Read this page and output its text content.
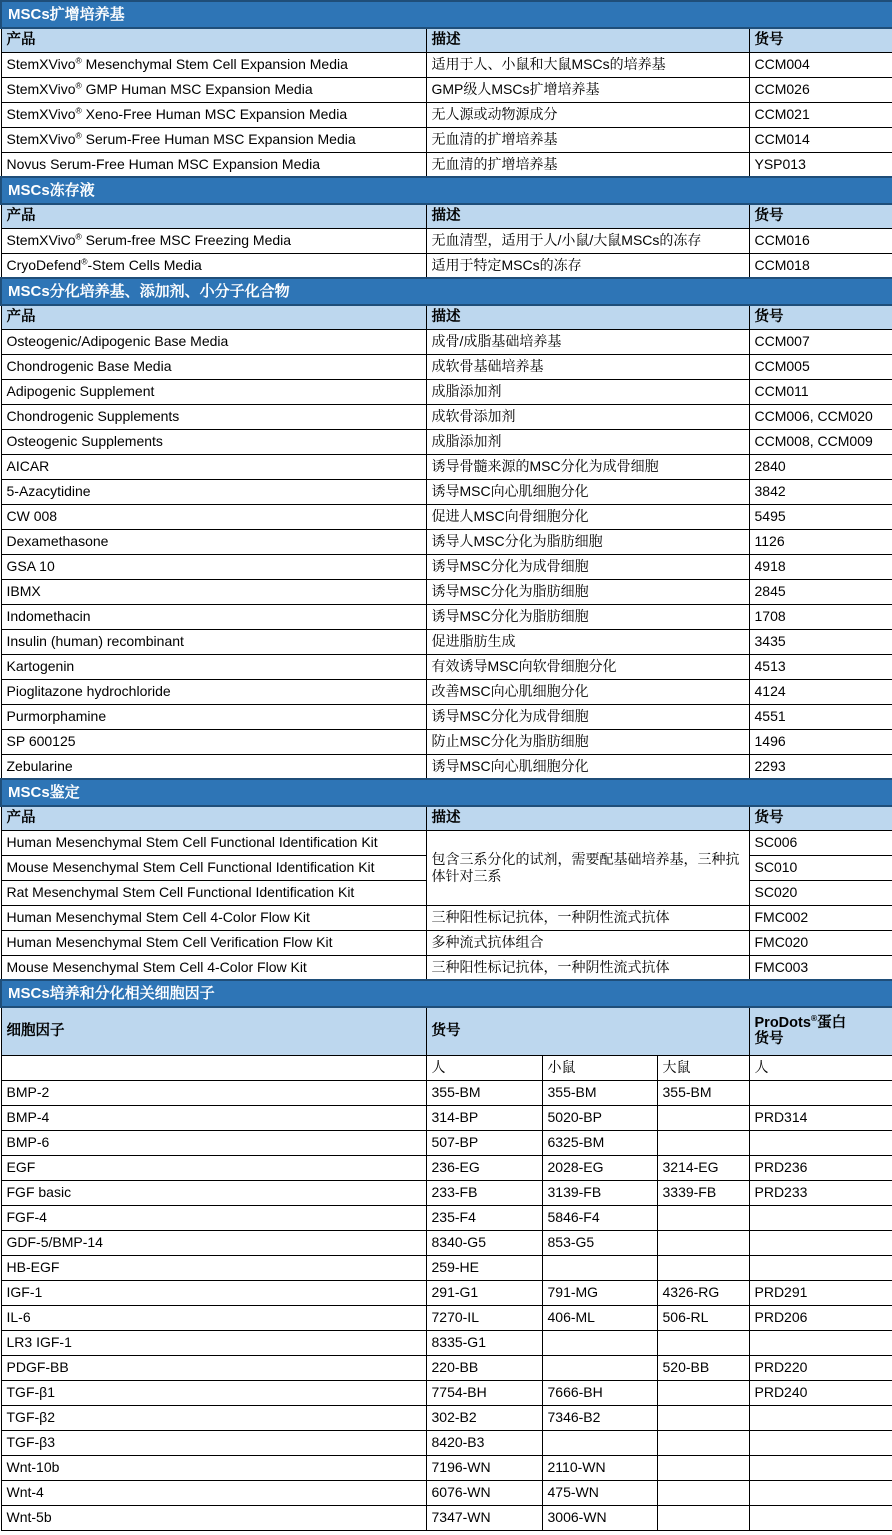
MSCs扩增培养基				
产品	描述			货号
StemXVivo® Mesenchymal Stem Cell Expansion Media	适用于人、小鼠和大鼠MSCs的培养基			CCM004
StemXVivo® GMP Human MSC Expansion Media	GMP级人MSCs扩增培养基			CCM026
StemXVivo® Xeno-Free Human MSC Expansion Media	无人源或动物源成分			CCM021
StemXVivo® Serum-Free Human MSC Expansion Media	无血清的扩增培养基			CCM014
Novus Serum-Free Human MSC Expansion Media	无血清的扩增培养基			YSP013
MSCs冻存液				
产品	描述			货号
StemXVivo® Serum-free MSC Freezing Media	无血清型，适用于人/小鼠/大鼠MSCs的冻存			CCM016
CryoDefend®-Stem Cells Media	适用于特定MSCs的冻存			CCM018
MSCs分化培养基、添加剂、小分子化合物				
产品	描述			货号
Osteogenic/Adipogenic Base Media	成骨/成脂基础培养基			CCM007
Chondrogenic Base Media	成软骨基础培养基			CCM005
Adipogenic Supplement	成脂添加剂			CCM011
Chondrogenic Supplements	成软骨添加剂			CCM006, CCM020
Osteogenic Supplements	成脂添加剂			CCM008, CCM009
AICAR	诱导骨髓来源的MSC分化为成骨细胞			2840
5-Azacytidine	诱导MSC向心肌细胞分化			3842
CW 008	促进人MSC向骨细胞分化			5495
Dexamethasone	诱导人MSC分化为脂肪细胞			1126
GSA 10	诱导MSC分化为成骨细胞			4918
IBMX	诱导MSC分化为脂肪细胞			2845
Indomethacin	诱导MSC分化为脂肪细胞			1708
Insulin (human) recombinant	促进脂肪生成			3435
Kartogenin	有效诱导MSC向软骨细胞分化			4513
Pioglitazone hydrochloride	改善MSC向心肌细胞分化			4124
Purmorphamine	诱导MSC分化为成骨细胞			4551
SP 600125	防止MSC分化为脂肪细胞			1496
Zebularine	诱导MSC向心肌细胞分化			2293
MSCs鉴定				
产品	描述			货号
Human Mesenchymal Stem Cell Functional Identification Kit	包含三系分化的试剂，需要配基础培养基，三种抗体针对三系			SC006
Mouse Mesenchymal Stem Cell Functional Identification Kit				SC010
Rat Mesenchymal Stem Cell Functional Identification Kit				SC020
Human Mesenchymal Stem Cell 4-Color Flow Kit	三种阳性标记抗体，一种阴性流式抗体			FMC002
Human Mesenchymal Stem Cell Verification Flow Kit	多种流式抗体组合			FMC020
Mouse Mesenchymal Stem Cell 4-Color Flow Kit	三种阳性标记抗体，一种阴性流式抗体			FMC003
MSCs培养和分化相关细胞因子				
细胞因子	货号			ProDots®蛋白
货号
	人	小鼠	大鼠	人
BMP-2	355-BM	355-BM	355-BM	
BMP-4	314-BP	5020-BP		PRD314
BMP-6	507-BP	6325-BM		
EGF	236-EG	2028-EG	3214-EG	PRD236
FGF basic	233-FB	3139-FB	3339-FB	PRD233
FGF-4	235-F4	5846-F4		
GDF-5/BMP-14	8340-G5	853-G5		
HB-EGF	259-HE			
IGF-1	291-G1	791-MG	4326-RG	PRD291
IL-6	7270-IL	406-ML	506-RL	PRD206
LR3 IGF-1	8335-G1			
PDGF-BB	220-BB		520-BB	PRD220
TGF-β1	7754-BH	7666-BH		PRD240
TGF-β2	302-B2	7346-B2		
TGF-β3	8420-B3			
Wnt-10b	7196-WN	2110-WN		
Wnt-4	6076-WN	475-WN		
Wnt-5b	7347-WN	3006-WN		
